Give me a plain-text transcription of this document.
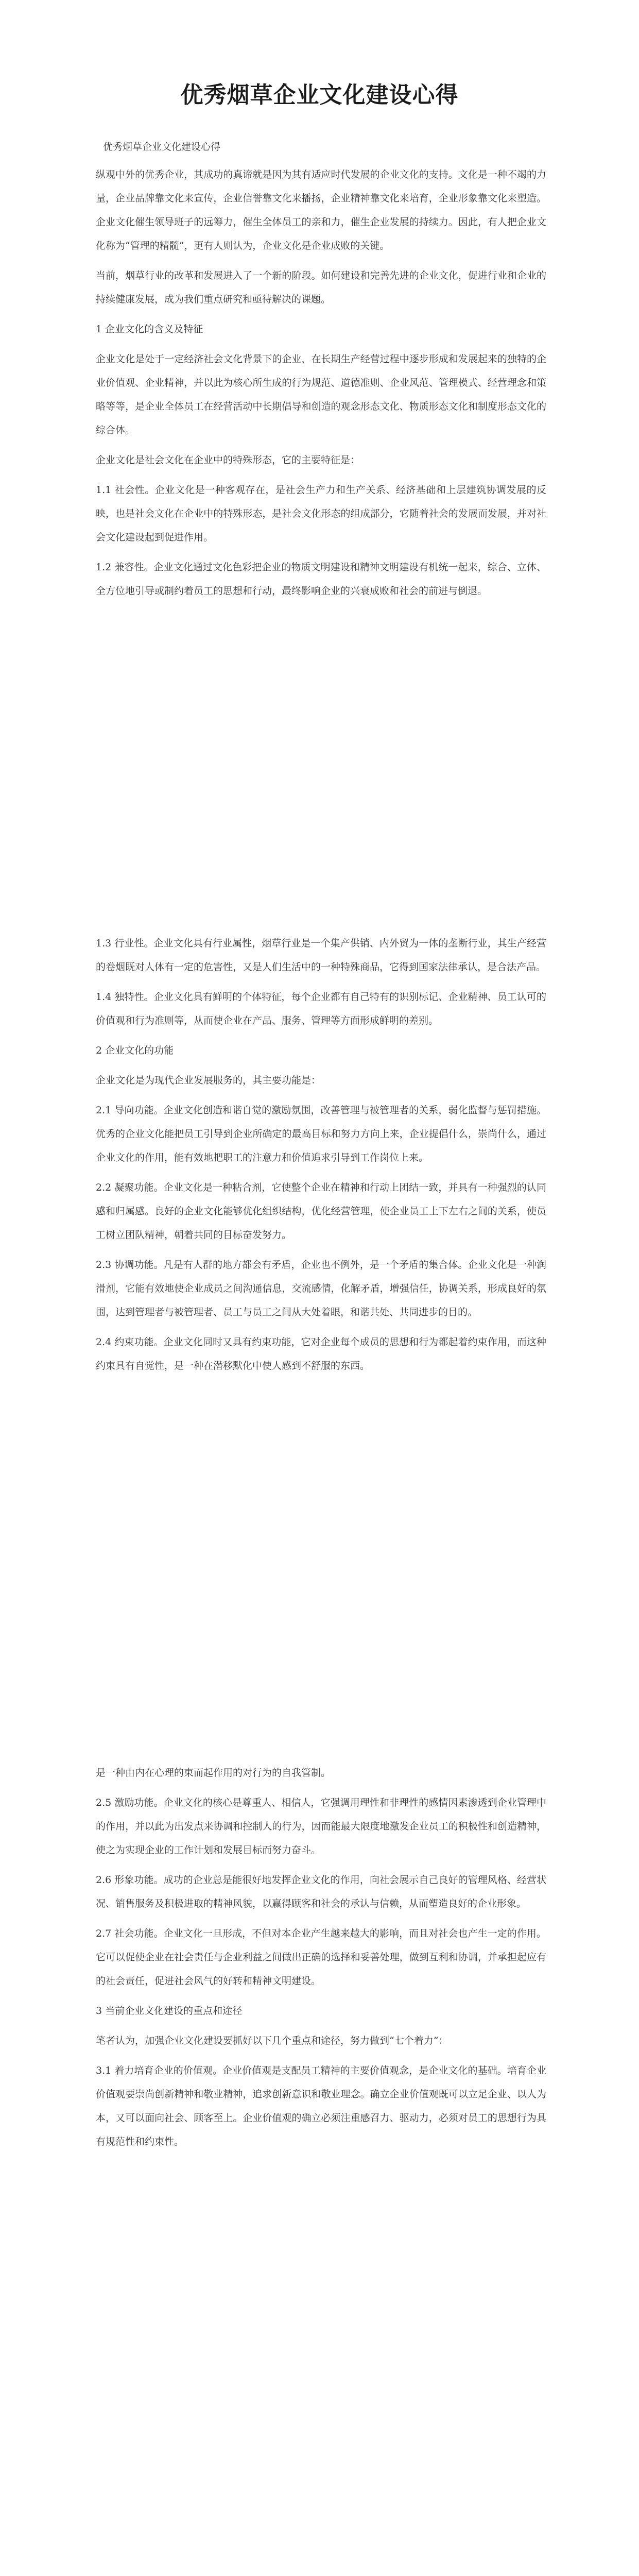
优秀烟草企业文化建设心得
优秀烟草企业文化建设心得
纵观中外的优秀企业，其成功的真谛就是因为其有适应时代发展的企业文化的支持。文化是一种不竭的力量，企业品牌靠文化来宣传，企业信誉靠文化来播扬，企业精神靠文化来培育，企业形象靠文化来塑造。企业文化催生领导班子的远筹力，催生全体员工的亲和力，催生企业发展的持续力。因此，有人把企业文化称为“管理的精髓”，更有人则认为，企业文化是企业成败的关键。
当前，烟草行业的改革和发展进入了一个新的阶段。如何建设和完善先进的企业文化，促进行业和企业的持续健康发展，成为我们重点研究和亟待解决的课题。
1 企业文化的含义及特征
企业文化是处于一定经济社会文化背景下的企业，在长期生产经营过程中逐步形成和发展起来的独特的企业价值观、企业精神，并以此为核心所生成的行为规范、道德准则、企业风范、管理模式、经营理念和策略等等，是企业全体员工在经营活动中长期倡导和创造的观念形态文化、物质形态文化和制度形态文化的综合体。
企业文化是社会文化在企业中的特殊形态，它的主要特征是：
1.1 社会性。企业文化是一种客观存在，是社会生产力和生产关系、经济基础和上层建筑协调发展的反映，也是社会文化在企业中的特殊形态，是社会文化形态的组成部分，它随着社会的发展而发展，并对社会文化建设起到促进作用。
1.2 兼容性。企业文化通过文化色彩把企业的物质文明建设和精神文明建设有机统一起来，综合、立体、全方位地引导或制约着员工的思想和行动，最终影响企业的兴衰成败和社会的前进与倒退。
1.3 行业性。企业文化具有行业属性，烟草行业是一个集产供销、内外贸为一体的垄断行业，其生产经营的卷烟既对人体有一定的危害性，又是人们生活中的一种特殊商品，它得到国家法律承认，是合法产品。
1.4 独特性。企业文化具有鲜明的个体特征，每个企业都有自己特有的识别标记、企业精神、员工认可的价值观和行为准则等，从而使企业在产品、服务、管理等方面形成鲜明的差别。
2 企业文化的功能
企业文化是为现代企业发展服务的，其主要功能是：
2.1 导向功能。企业文化创造和谐自觉的激励氛围，改善管理与被管理者的关系，弱化监督与惩罚措施。优秀的企业文化能把员工引导到企业所确定的最高目标和努力方向上来，企业提倡什么，崇尚什么，通过企业文化的作用，能有效地把职工的注意力和价值追求引导到工作岗位上来。
2.2 凝聚功能。企业文化是一种粘合剂，它使整个企业在精神和行动上团结一致，并具有一种强烈的认同感和归属感。良好的企业文化能够优化组织结构，优化经营管理，使企业员工上下左右之间的关系，使员工树立团队精神，朝着共同的目标奋发努力。
2.3 协调功能。凡是有人群的地方都会有矛盾，企业也不例外，是一个矛盾的集合体。企业文化是一种润滑剂，它能有效地使企业成员之间沟通信息，交流感情，化解矛盾，增强信任，协调关系，形成良好的氛围，达到管理者与被管理者、员工与员工之间从大处着眼，和谐共处、共同进步的目的。
2.4 约束功能。企业文化同时又具有约束功能，它对企业每个成员的思想和行为都起着约束作用，而这种约束具有自觉性，是一种在潜移默化中使人感到不舒服的东西。
是一种由内在心理的束而起作用的对行为的自我管制。
2.5 激励功能。企业文化的核心是尊重人、相信人，它强调用理性和非理性的感情因素渗透到企业管理中的作用，并以此为出发点来协调和控制人的行为，因而能最大限度地激发企业员工的积极性和创造精神，使之为实现企业的工作计划和发展目标而努力奋斗。
2.6 形象功能。成功的企业总是能很好地发挥企业文化的作用，向社会展示自己良好的管理风格、经营状况、销售服务及积极进取的精神风貌，以赢得顾客和社会的承认与信赖，从而塑造良好的企业形象。
2.7 社会功能。企业文化一旦形成，不但对本企业产生越来越大的影响，而且对社会也产生一定的作用。它可以促使企业在社会责任与企业利益之间做出正确的选择和妥善处理，做到互利和协调，并承担起应有的社会责任，促进社会风气的好转和精神文明建设。
3 当前企业文化建设的重点和途径
笔者认为，加强企业文化建设要抓好以下几个重点和途径，努力做到“七个着力”：
3.1 着力培育企业的价值观。企业价值观是支配员工精神的主要价值观念，是企业文化的基础。培育企业价值观要崇尚创新精神和敬业精神，追求创新意识和敬业理念。确立企业价值观既可以立足企业、以人为本，又可以面向社会、顾客至上。企业价值观的确立必须注重感召力、驱动力，必须对员工的思想行为具有规范性和约束性。
